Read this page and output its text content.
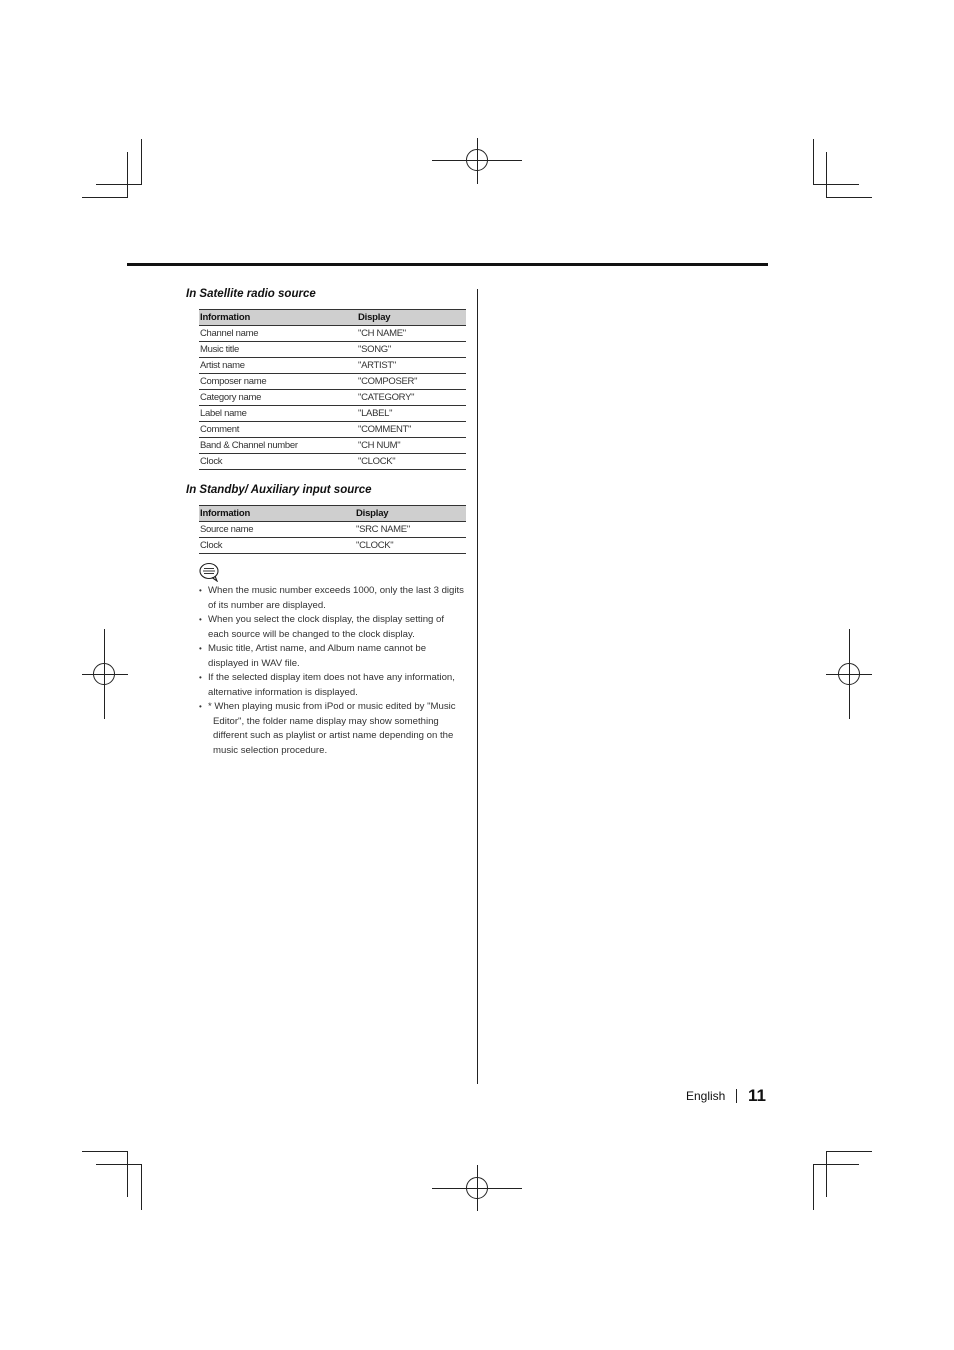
In Satellite radio source
Information	Display
Channel name	"CH NAME"
Music title	"SONG"
Artist name	"ARTIST"
Composer name	"COMPOSER"
Category name	"CATEGORY"
Label name	"LABEL"
Comment	"COMMENT"
Band & Channel number	"CH NUM"
Clock	"CLOCK"
In Standby/ Auxiliary input source
Information	Display
Source name	"SRC NAME"
Clock	"CLOCK"
• When the music number exceeds 1000, only the last 3 digits of its number are displayed.
• When you select the clock display, the display setting of each source will be changed to the clock display.
• Music title, Artist name, and Album name cannot be displayed in WAV file.
• If the selected display item does not have any information, alternative information is displayed.
• * When playing music from iPod or music edited by "Music Editor", the folder name display may show something different such as playlist or artist name depending on the music selection procedure.
English 11
